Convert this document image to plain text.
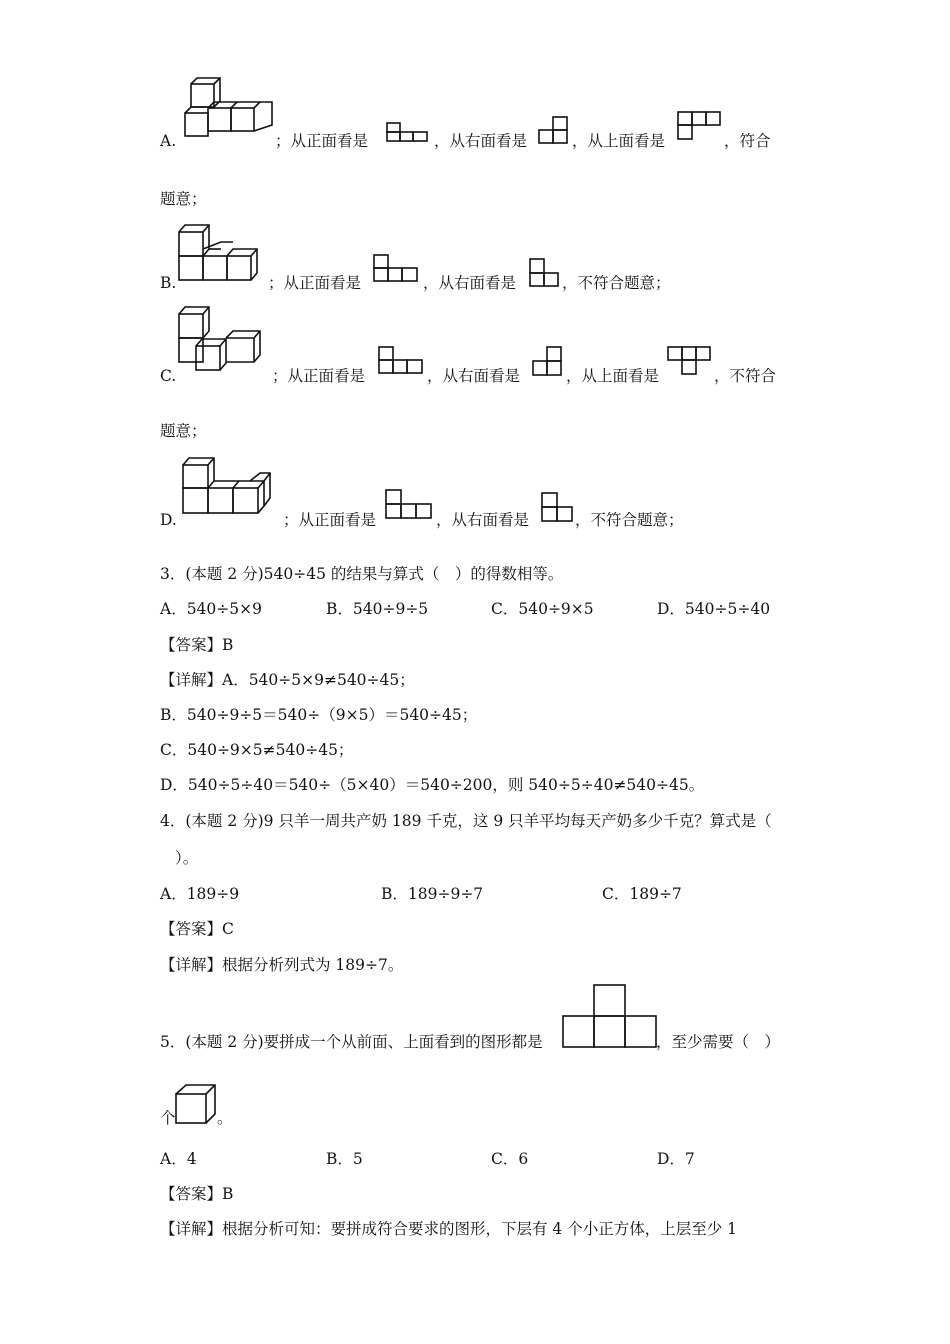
A.	；从正面看是	，从右面看是	，从上面看是	，符合
题意；
B.	；从正面看是	，从右面看是	，不符合题意；
C.	；从正面看是	，从右面看是	，从上面看是	，不符合
题意；
D.	；从正面看是	，从右面看是	，不符合题意；
3．(本题 2 分)540÷45 的结果与算式（　）的得数相等。
A．540÷5×9	B．540÷9÷5	C．540÷9×5	D．540÷5÷40
【答案】B
【详解】A．540÷5×9≠540÷45；
B．540÷9÷5＝540÷（9×5）＝540÷45；
C．540÷9×5≠540÷45；
D．540÷5÷40＝540÷（5×40）＝540÷200，则 540÷5÷40≠540÷45。
4．(本题 2 分)9 只羊一周共产奶 189 千克，这 9 只羊平均每天产奶多少千克？算式是（
）。
A．189÷9	B．189÷9÷7	C．189÷7
【答案】C
【详解】根据分析列式为 189÷7。
5．(本题 2 分)要拼成一个从前面、上面看到的图形都是	，至少需要（　）
个	。
A．4	B．5	C．6	D．7
【答案】B
【详解】根据分析可知：要拼成符合要求的图形，下层有 4 个小正方体，上层至少 1
